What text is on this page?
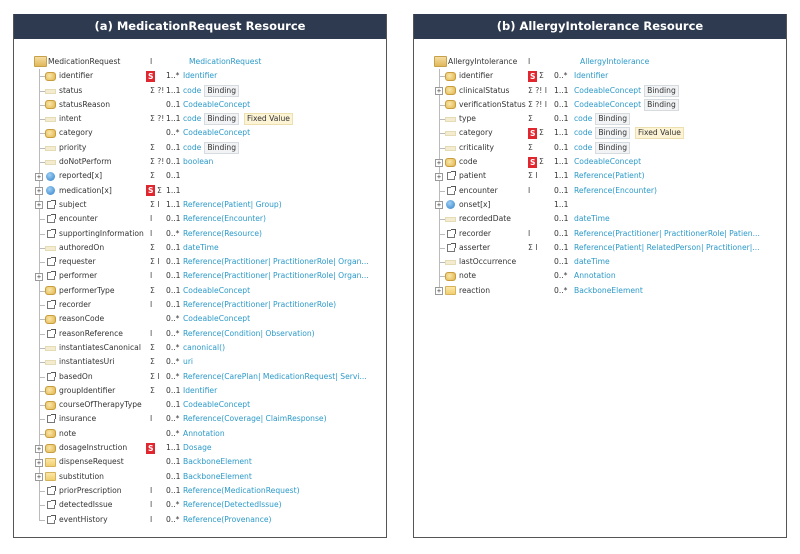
(a) MedicationRequest Resource
MedicationRequest	I	MedicationRequest
identifier	S 1..* Identifier
status	Σ ?! 1..1 code Binding
statusReason	0..1 CodeableConcept
intent	Σ ?! 1..1 code Binding Fixed Value
category	0..* CodeableConcept
priority	Σ 0..1 code Binding
doNotPerform	Σ ?! 0..1 boolean
+ reported[x]	Σ 0..1
+ medication[x]	S Σ 1..1
+ subject	Σ I 1..1 Reference(Patient| Group)
encounter	I 0..1 Reference(Encounter)
supportingInformation I 0..* Reference(Resource)
authoredOn	Σ 0..1 dateTime
requester	Σ I 0..1 Reference(Practitioner| PractitionerRole| Organ...
+ performer	I 0..1 Reference(Practitioner| PractitionerRole| Organ...
performerType	Σ 0..1 CodeableConcept
recorder	I 0..1 Reference(Practitioner| PractitionerRole)
reasonCode	0..* CodeableConcept
reasonReference	I 0..* Reference(Condition| Observation)
instantiatesCanonical Σ 0..* canonical()
instantiatesUri	Σ 0..* uri
basedOn	Σ I 0..* Reference(CarePlan| MedicationRequest| Servi...
groupIdentifier	Σ 0..1 Identifier
courseOfTherapyType	0..1 CodeableConcept
insurance	I 0..* Reference(Coverage| ClaimResponse)
note	0..* Annotation
+ dosageInstruction	S 1..1 Dosage
+ dispenseRequest	0..1 BackboneElement
+ substitution	0..1 BackboneElement
priorPrescription	I 0..1 Reference(MedicationRequest)
detectedIssue	I 0..* Reference(DetectedIssue)
eventHistory	I 0..* Reference(Provenance)
(b) AllergyIntolerance Resource
AllergyIntolerance I	AllergyIntolerance
identifier	S Σ 0..* Identifier
+ clinicalStatus Σ ?! I 1..1 CodeableConcept Binding
verificationStatus Σ ?! I 0..1 CodeableConcept Binding
type	Σ	0..1 code Binding
category	S Σ 1..1 code Binding Fixed Value
criticality	Σ	0..1 code Binding
+ code	S Σ 1..1 CodeableConcept
+ patient	Σ I 1..1 Reference(Patient)
encounter	I	0..1 Reference(Encounter)
+ onset[x]	1..1
recordedDate	0..1 dateTime
recorder	I	0..1 Reference(Practitioner| PractitionerRole| Patien...
asserter	Σ I 0..1 Reference(Patient| RelatedPerson| Practitioner|...
lastOccurrence	0..1 dateTime
note	0..* Annotation
+ reaction	0..* BackboneElement
